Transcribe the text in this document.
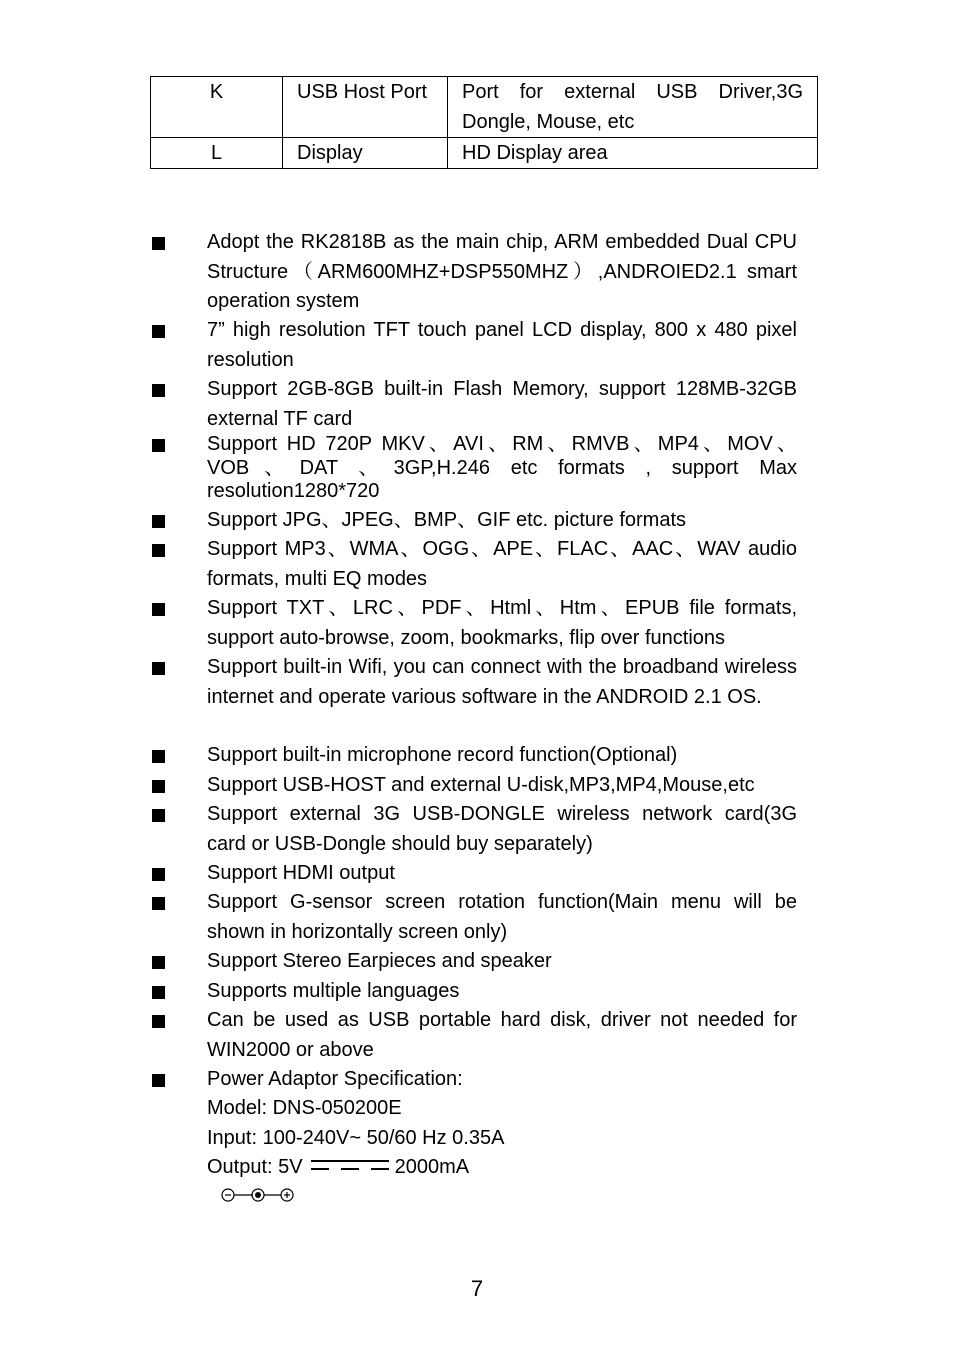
K	USB Host Port	Port for external USB Driver,3G Dongle, Mouse, etc
L	Display	HD Display area

Adopt the RK2818B as the main chip, ARM embedded Dual CPU Structure（ARM600MHZ+DSP550MHZ）,ANDROIED2.1 smart operation system

7” high resolution TFT touch panel LCD display, 800 x 480 pixel resolution

Support 2GB-8GB built-in Flash Memory, support 128MB-32GB external TF card

Support HD 720P MKV、AVI、RM、RMVB、MP4、MOV、VOB、DAT 、3GP,H.246 etc formats , support Max resolution1280*720

Support JPG、JPEG、BMP、GIF etc. picture formats

Support MP3、WMA、OGG、APE、FLAC、AAC、WAV audio formats, multi EQ modes

Support TXT、LRC、PDF、Html、Htm、EPUB file formats, support auto-browse, zoom, bookmarks, flip over functions

Support built-in Wifi, you can connect with the broadband wireless internet and operate various software in the ANDROID 2.1 OS.

Support built-in microphone record function(Optional)

Support USB-HOST and external U-disk,MP3,MP4,Mouse,etc

Support external 3G USB-DONGLE wireless network card(3G card or USB-Dongle should buy separately)

Support HDMI output

Support G-sensor screen rotation function(Main menu will be shown in horizontally screen only)

Support Stereo Earpieces and speaker

Supports multiple languages

Can be used as USB portable hard disk, driver not needed for WIN2000 or above

Power Adaptor Specification:

Model: DNS-050200E
Input: 100-240V~ 50/60 Hz 0.35A
Output: 5V	2000mA
7
